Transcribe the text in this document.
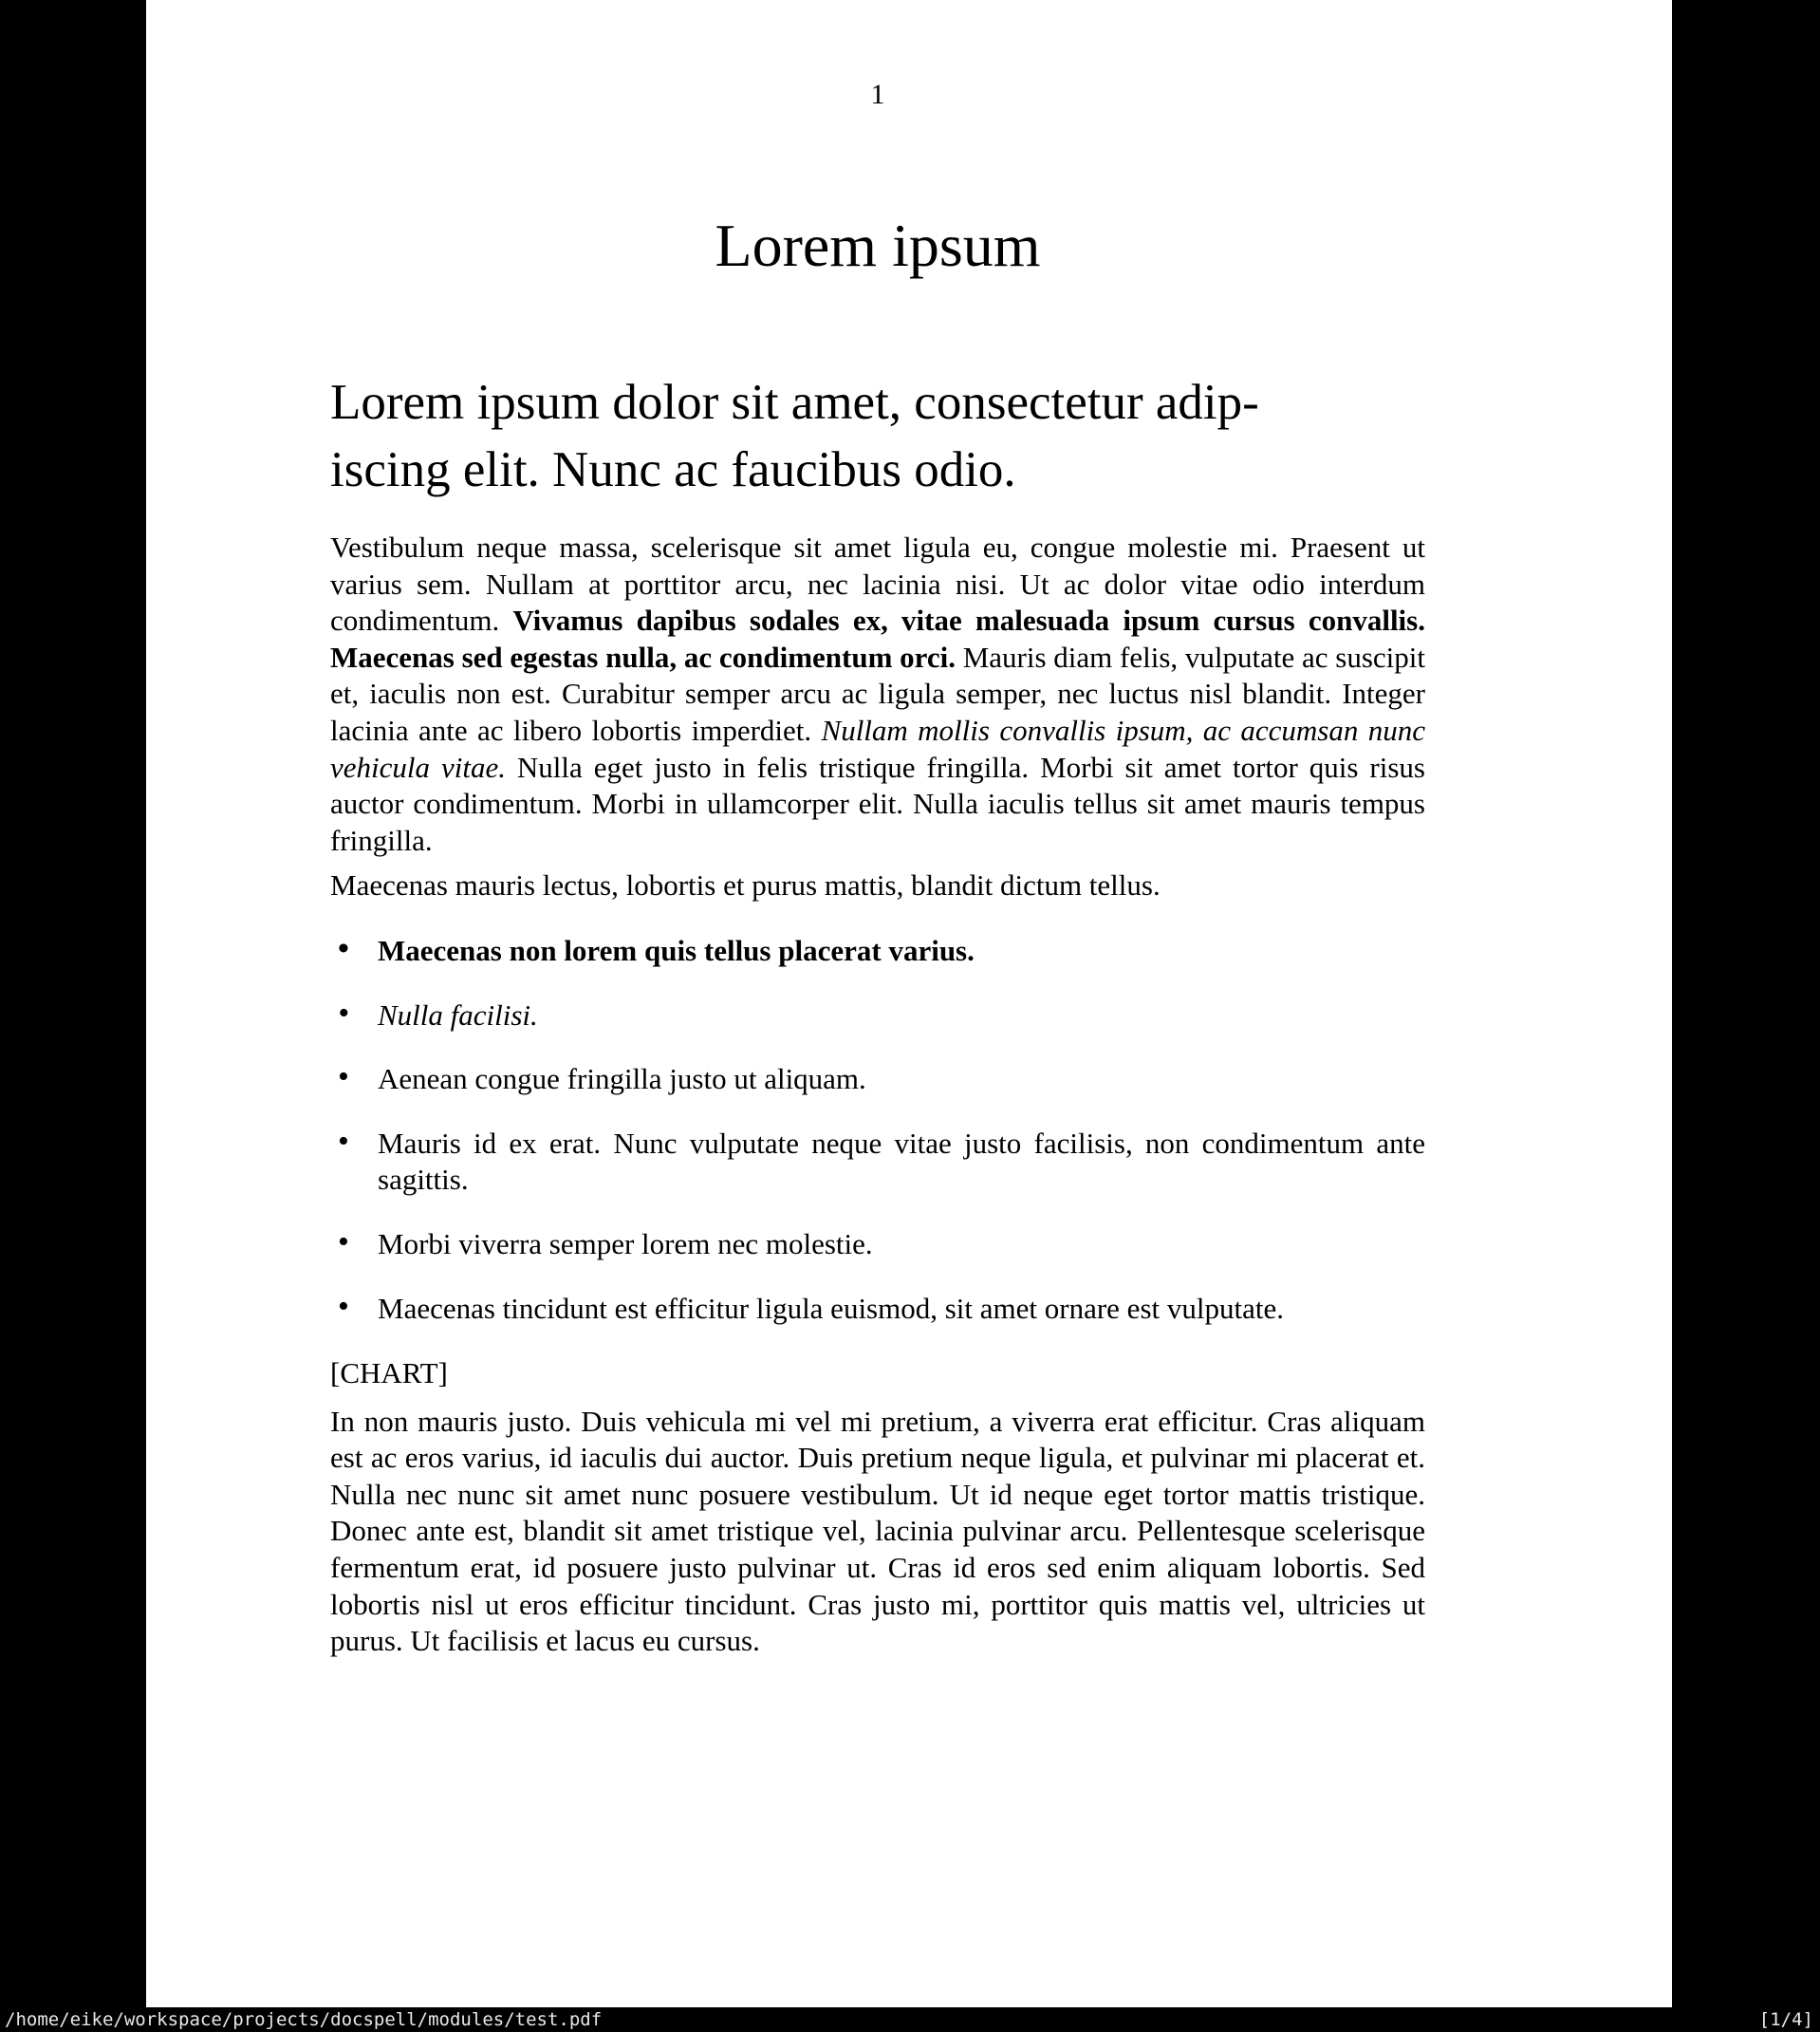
1
Lorem ipsum
Lorem ipsum dolor sit amet, consectetur adip-
iscing elit. Nunc ac faucibus odio.

Vestibulum neque massa, scelerisque sit amet ligula eu, congue molestie mi. Praesent ut varius sem. Nullam at porttitor arcu, nec lacinia nisi. Ut ac dolor vitae odio interdum condimentum. Vivamus dapibus sodales ex, vitae malesuada ipsum cursus convallis. Maecenas sed egestas nulla, ac condimentum orci. Mauris diam felis, vulputate ac suscipit et, iaculis non est. Curabitur semper arcu ac ligula semper, nec luctus nisl blandit. Integer lacinia ante ac libero lobortis imperdiet. Nullam mollis convallis ipsum, ac accumsan nunc vehicula vitae. Nulla eget justo in felis tristique fringilla. Morbi sit amet tortor quis risus auctor condimentum. Morbi in ullamcorper elit. Nulla iaculis tellus sit amet mauris tempus fringilla.

Maecenas mauris lectus, lobortis et purus mattis, blandit dictum tellus.

• Maecenas non lorem quis tellus placerat varius.
• Nulla facilisi.
• Aenean congue fringilla justo ut aliquam.
• Mauris id ex erat. Nunc vulputate neque vitae justo facilisis, non condimentum ante sagittis.
• Morbi viverra semper lorem nec molestie.
• Maecenas tincidunt est efficitur ligula euismod, sit amet ornare est vulputate.

[CHART]

In non mauris justo. Duis vehicula mi vel mi pretium, a viverra erat efficitur. Cras aliquam est ac eros varius, id iaculis dui auctor. Duis pretium neque ligula, et pulvinar mi placerat et. Nulla nec nunc sit amet nunc posuere vestibulum. Ut id neque eget tortor mattis tristique. Donec ante est, blandit sit amet tristique vel, lacinia pulvinar arcu. Pellentesque scelerisque fermentum erat, id posuere justo pulvinar ut. Cras id eros sed enim aliquam lobortis. Sed lobortis nisl ut eros efficitur tincidunt. Cras justo mi, porttitor quis mattis vel, ultricies ut purus. Ut facilisis et lacus eu cursus.

/home/eike/workspace/projects/docspell/modules/test.pdf	[1/4]
